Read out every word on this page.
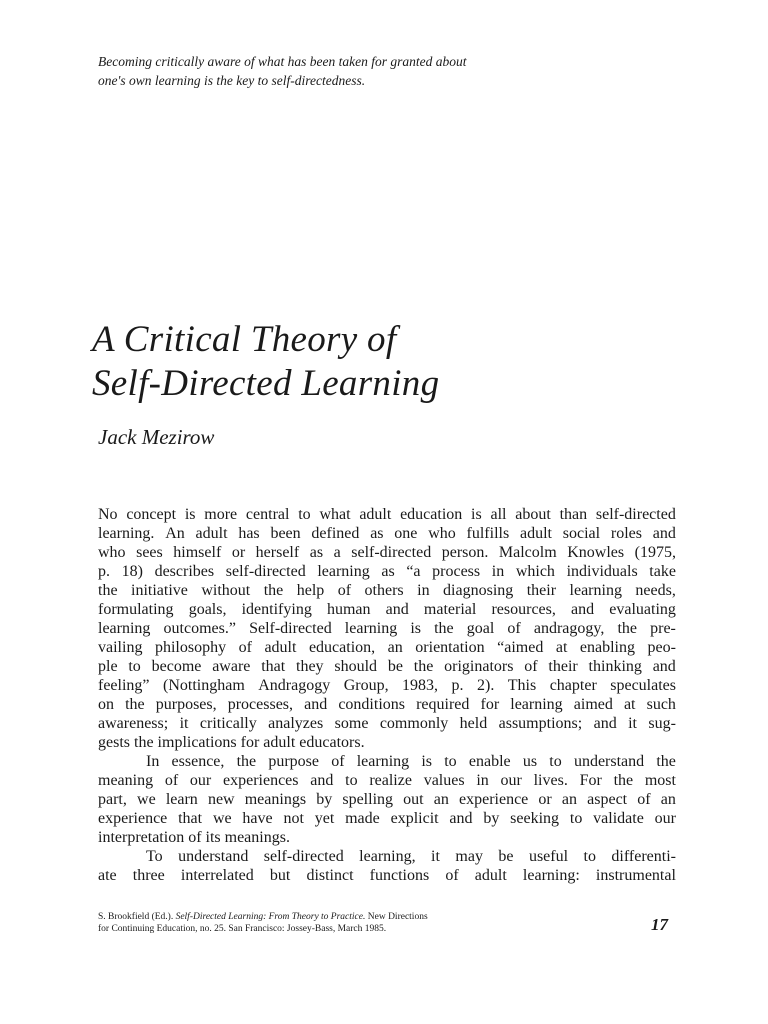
Becoming critically aware of what has been taken for granted about
one's own learning is the key to self-directedness.
A Critical Theory of
Self-Directed Learning
Jack Mezirow
No concept is more central to what adult education is all about than self-directed
learning. An adult has been defined as one who fulfills adult social roles and
who sees himself or herself as a self-directed person. Malcolm Knowles (1975,
p. 18) describes self-directed learning as “a process in which individuals take
the initiative without the help of others in diagnosing their learning needs,
formulating goals, identifying human and material resources, and evaluating
learning outcomes.” Self-directed learning is the goal of andragogy, the pre-
vailing philosophy of adult education, an orientation “aimed at enabling peo-
ple to become aware that they should be the originators of their thinking and
feeling” (Nottingham Andragogy Group, 1983, p. 2). This chapter speculates
on the purposes, processes, and conditions required for learning aimed at such
awareness; it critically analyzes some commonly held assumptions; and it sug-
gests the implications for adult educators.
In essence, the purpose of learning is to enable us to understand the
meaning of our experiences and to realize values in our lives. For the most
part, we learn new meanings by spelling out an experience or an aspect of an
experience that we have not yet made explicit and by seeking to validate our
interpretation of its meanings.
To understand self-directed learning, it may be useful to differenti-
ate three interrelated but distinct functions of adult learning: instrumental
S. Brookfield (Ed.). Self-Directed Learning: From Theory to Practice. New Directions
for Continuing Education, no. 25. San Francisco: Jossey-Bass, March 1985.	17
